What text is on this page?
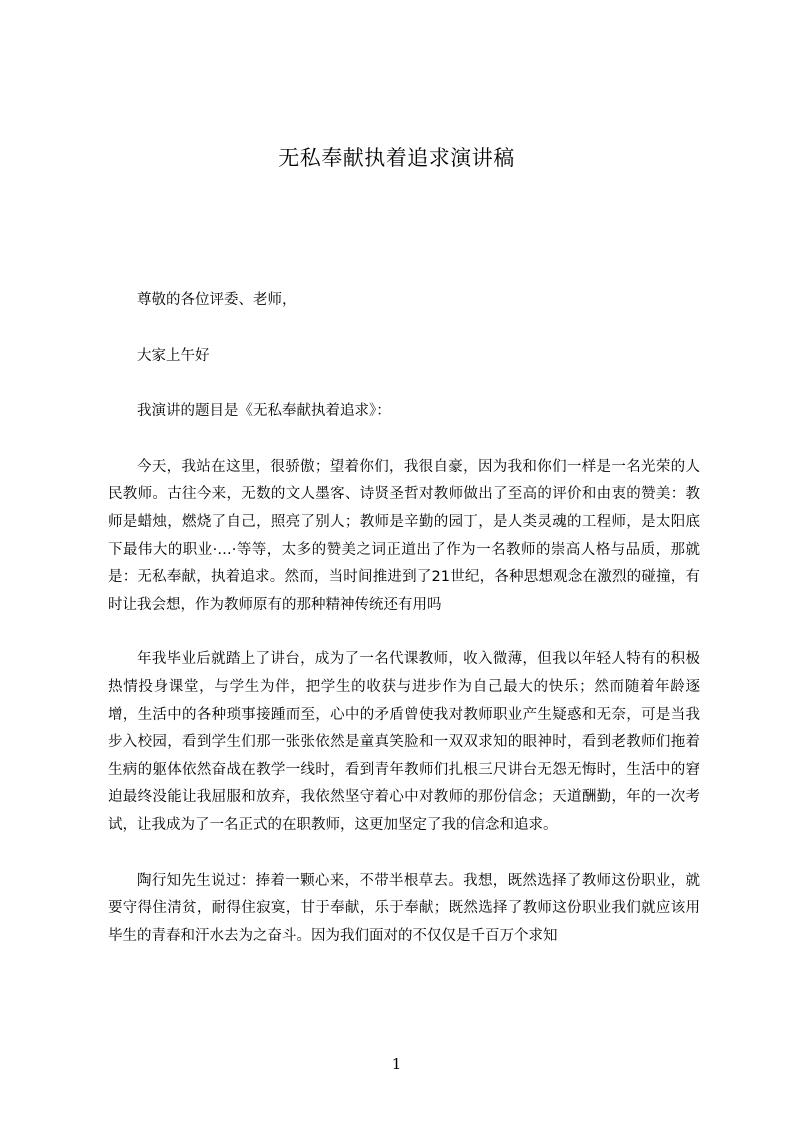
无私奉献执着追求演讲稿

尊敬的各位评委、老师，

大家上午好

我演讲的题目是《无私奉献执着追求》：

今天，我站在这里，很骄傲；望着你们，我很自豪，因为我和你们一样是一名光荣的人民教师。古往今来，无数的文人墨客、诗贤圣哲对教师做出了至高的评价和由衷的赞美：教师是蜡烛，燃烧了自己，照亮了别人；教师是辛勤的园丁，是人类灵魂的工程师，是太阳底下最伟大的职业·…·等等，太多的赞美之词正道出了作为一名教师的崇高人格与品质，那就是：无私奉献，执着追求。然而，当时间推进到了21世纪，各种思想观念在激烈的碰撞，有时让我会想，作为教师原有的那种精神传统还有用吗

年我毕业后就踏上了讲台，成为了一名代课教师，收入微薄，但我以年轻人特有的积极热情投身课堂，与学生为伴，把学生的收获与进步作为自己最大的快乐；然而随着年龄逐增，生活中的各种琐事接踵而至，心中的矛盾曾使我对教师职业产生疑惑和无奈，可是当我步入校园，看到学生们那一张张依然是童真笑脸和一双双求知的眼神时，看到老教师们拖着生病的躯体依然奋战在教学一线时，看到青年教师们扎根三尺讲台无怨无悔时，生活中的窘迫最终没能让我屈服和放弃，我依然坚守着心中对教师的那份信念；天道酬勤，年的一次考试，让我成为了一名正式的在职教师，这更加坚定了我的信念和追求。

陶行知先生说过：捧着一颗心来，不带半根草去。我想，既然选择了教师这份职业，就要守得住清贫，耐得住寂寞，甘于奉献，乐于奉献；既然选择了教师这份职业我们就应该用毕生的青春和汗水去为之奋斗。因为我们面对的不仅仅是千百万个求知

1
